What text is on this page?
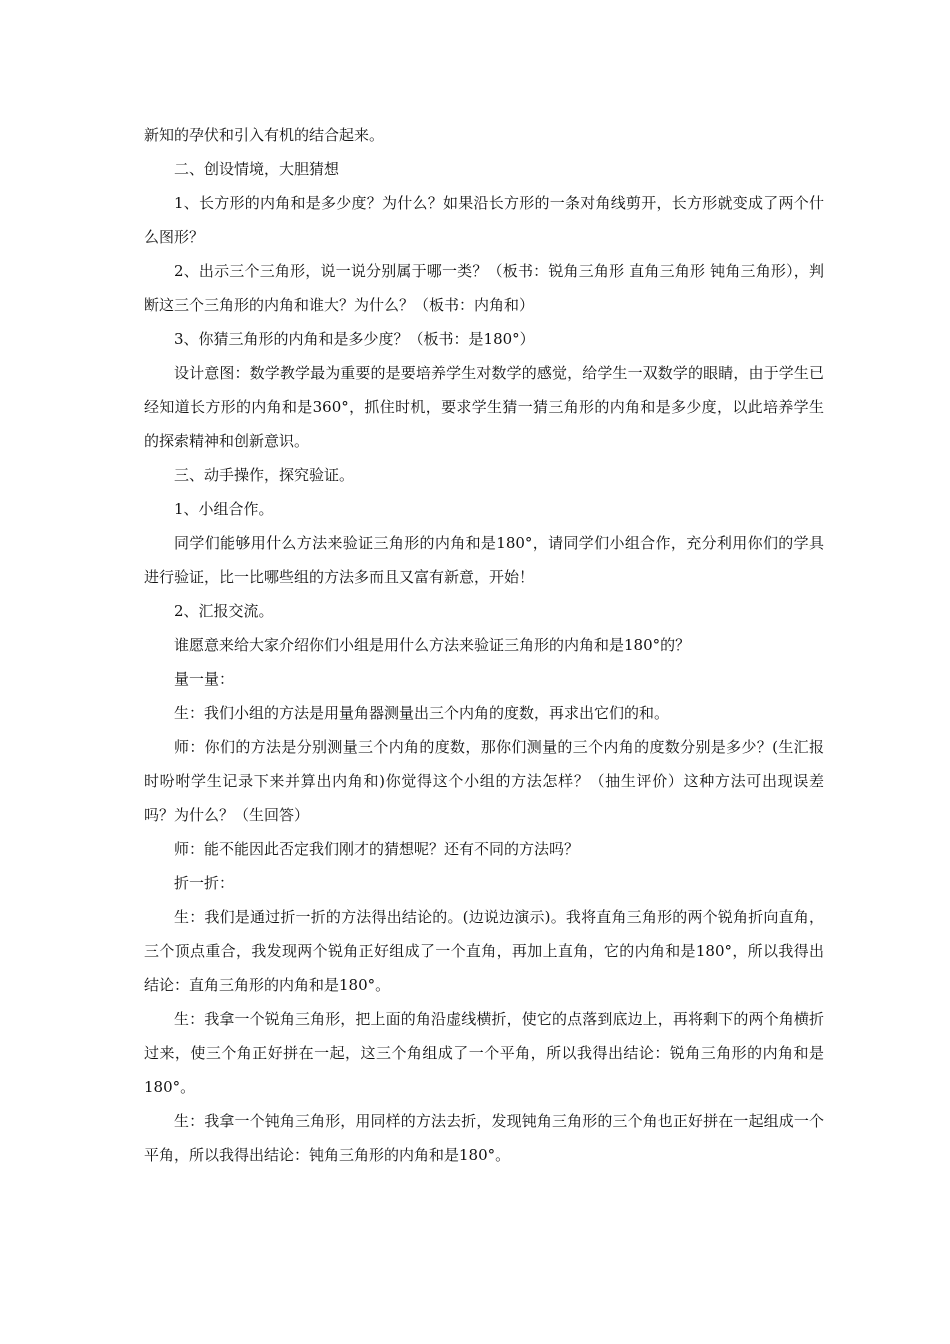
新知的孕伏和引入有机的结合起来。

二、创设情境，大胆猜想

1、长方形的内角和是多少度？为什么？如果沿长方形的一条对角线剪开，长方形就变成了两个什么图形？

2、出示三个三角形，说一说分别属于哪一类？（板书：锐角三角形 直角三角形 钝角三角形），判断这三个三角形的内角和谁大？为什么？（板书：内角和）

3、你猜三角形的内角和是多少度？（板书：是180°）

设计意图：数学教学最为重要的是要培养学生对数学的感觉，给学生一双数学的眼睛，由于学生已经知道长方形的内角和是360°，抓住时机，要求学生猜一猜三角形的内角和是多少度，以此培养学生的探索精神和创新意识。

三、动手操作，探究验证。

1、小组合作。

同学们能够用什么方法来验证三角形的内角和是180°，请同学们小组合作，充分利用你们的学具进行验证，比一比哪些组的方法多而且又富有新意，开始！

2、汇报交流。

谁愿意来给大家介绍你们小组是用什么方法来验证三角形的内角和是180°的？

量一量：

生：我们小组的方法是用量角器测量出三个内角的度数，再求出它们的和。

师：你们的方法是分别测量三个内角的度数，那你们测量的三个内角的度数分别是多少？(生汇报时吩咐学生记录下来并算出内角和)你觉得这个小组的方法怎样？（抽生评价）这种方法可出现误差吗？为什么？（生回答）

师：能不能因此否定我们刚才的猜想呢？还有不同的方法吗？

折一折：

生：我们是通过折一折的方法得出结论的。(边说边演示)。我将直角三角形的两个锐角折向直角，三个顶点重合，我发现两个锐角正好组成了一个直角，再加上直角，它的内角和是180°，所以我得出结论：直角三角形的内角和是180°。

生：我拿一个锐角三角形，把上面的角沿虚线横折，使它的点落到底边上，再将剩下的两个角横折过来，使三个角正好拼在一起，这三个角组成了一个平角，所以我得出结论：锐角三角形的内角和是180°。

生：我拿一个钝角三角形，用同样的方法去折，发现钝角三角形的三个角也正好拼在一起组成一个平角，所以我得出结论：钝角三角形的内角和是180°。
